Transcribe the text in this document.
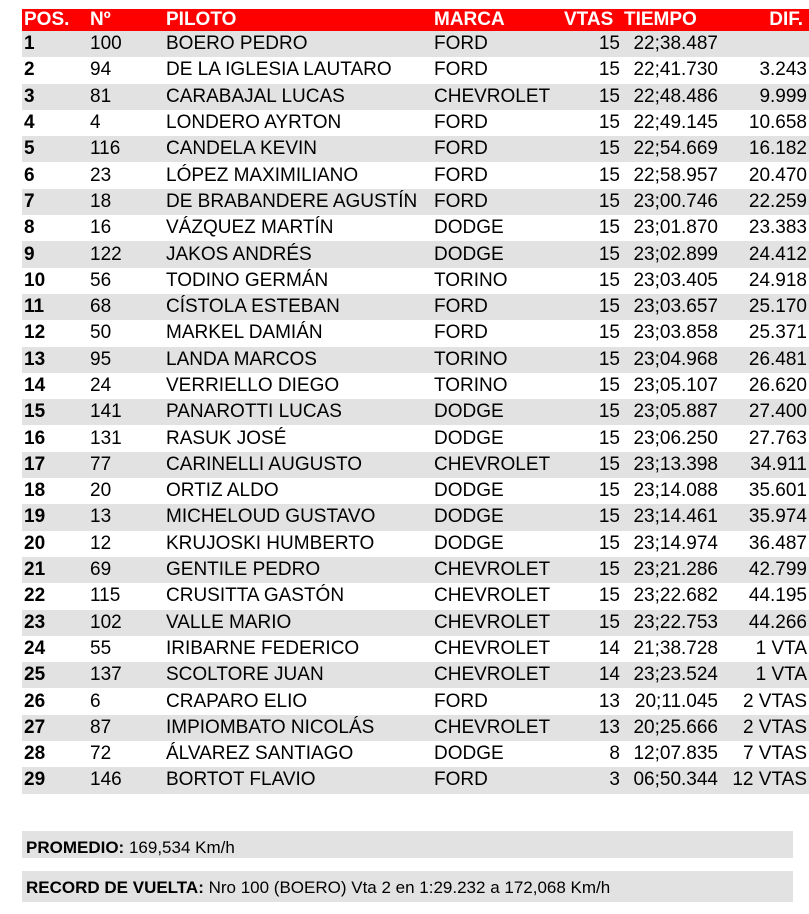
POS.	Nº	PILOTO	MARCA	VTAS	TIEMPO	DIF.
1	100	BOERO PEDRO	FORD	15	22;38.487	
2	94	DE LA IGLESIA LAUTARO	FORD	15	22;41.730	3.243
3	81	CARABAJAL LUCAS	CHEVROLET	15	22;48.486	9.999
4	4	LONDERO AYRTON	FORD	15	22;49.145	10.658
5	116	CANDELA KEVIN	FORD	15	22;54.669	16.182
6	23	LÓPEZ MAXIMILIANO	FORD	15	22;58.957	20.470
7	18	DE BRABANDERE AGUSTÍN	FORD	15	23;00.746	22.259
8	16	VÁZQUEZ MARTÍN	DODGE	15	23;01.870	23.383
9	122	JAKOS ANDRÉS	DODGE	15	23;02.899	24.412
10	56	TODINO GERMÁN	TORINO	15	23;03.405	24.918
11	68	CÍSTOLA ESTEBAN	FORD	15	23;03.657	25.170
12	50	MARKEL DAMIÁN	FORD	15	23;03.858	25.371
13	95	LANDA MARCOS	TORINO	15	23;04.968	26.481
14	24	VERRIELLO DIEGO	TORINO	15	23;05.107	26.620
15	141	PANAROTTI LUCAS	DODGE	15	23;05.887	27.400
16	131	RASUK JOSÉ	DODGE	15	23;06.250	27.763
17	77	CARINELLI AUGUSTO	CHEVROLET	15	23;13.398	34.911
18	20	ORTIZ ALDO	DODGE	15	23;14.088	35.601
19	13	MICHELOUD GUSTAVO	DODGE	15	23;14.461	35.974
20	12	KRUJOSKI HUMBERTO	DODGE	15	23;14.974	36.487
21	69	GENTILE PEDRO	CHEVROLET	15	23;21.286	42.799
22	115	CRUSITTA GASTÓN	CHEVROLET	15	23;22.682	44.195
23	102	VALLE MARIO	CHEVROLET	15	23;22.753	44.266
24	55	IRIBARNE FEDERICO	CHEVROLET	14	21;38.728	1 VTA
25	137	SCOLTORE JUAN	CHEVROLET	14	23;23.524	1 VTA
26	6	CRAPARO ELIO	FORD	13	20;11.045	2 VTAS
27	87	IMPIOMBATO NICOLÁS	CHEVROLET	13	20;25.666	2 VTAS
28	72	ÁLVAREZ SANTIAGO	DODGE	8	12;07.835	7 VTAS
29	146	BORTOT FLAVIO	FORD	3	06;50.344	12 VTAS
PROMEDIO: 169,534 Km/h
RECORD DE VUELTA: Nro 100 (BOERO) Vta 2 en 1:29.232 a 172,068 Km/h
